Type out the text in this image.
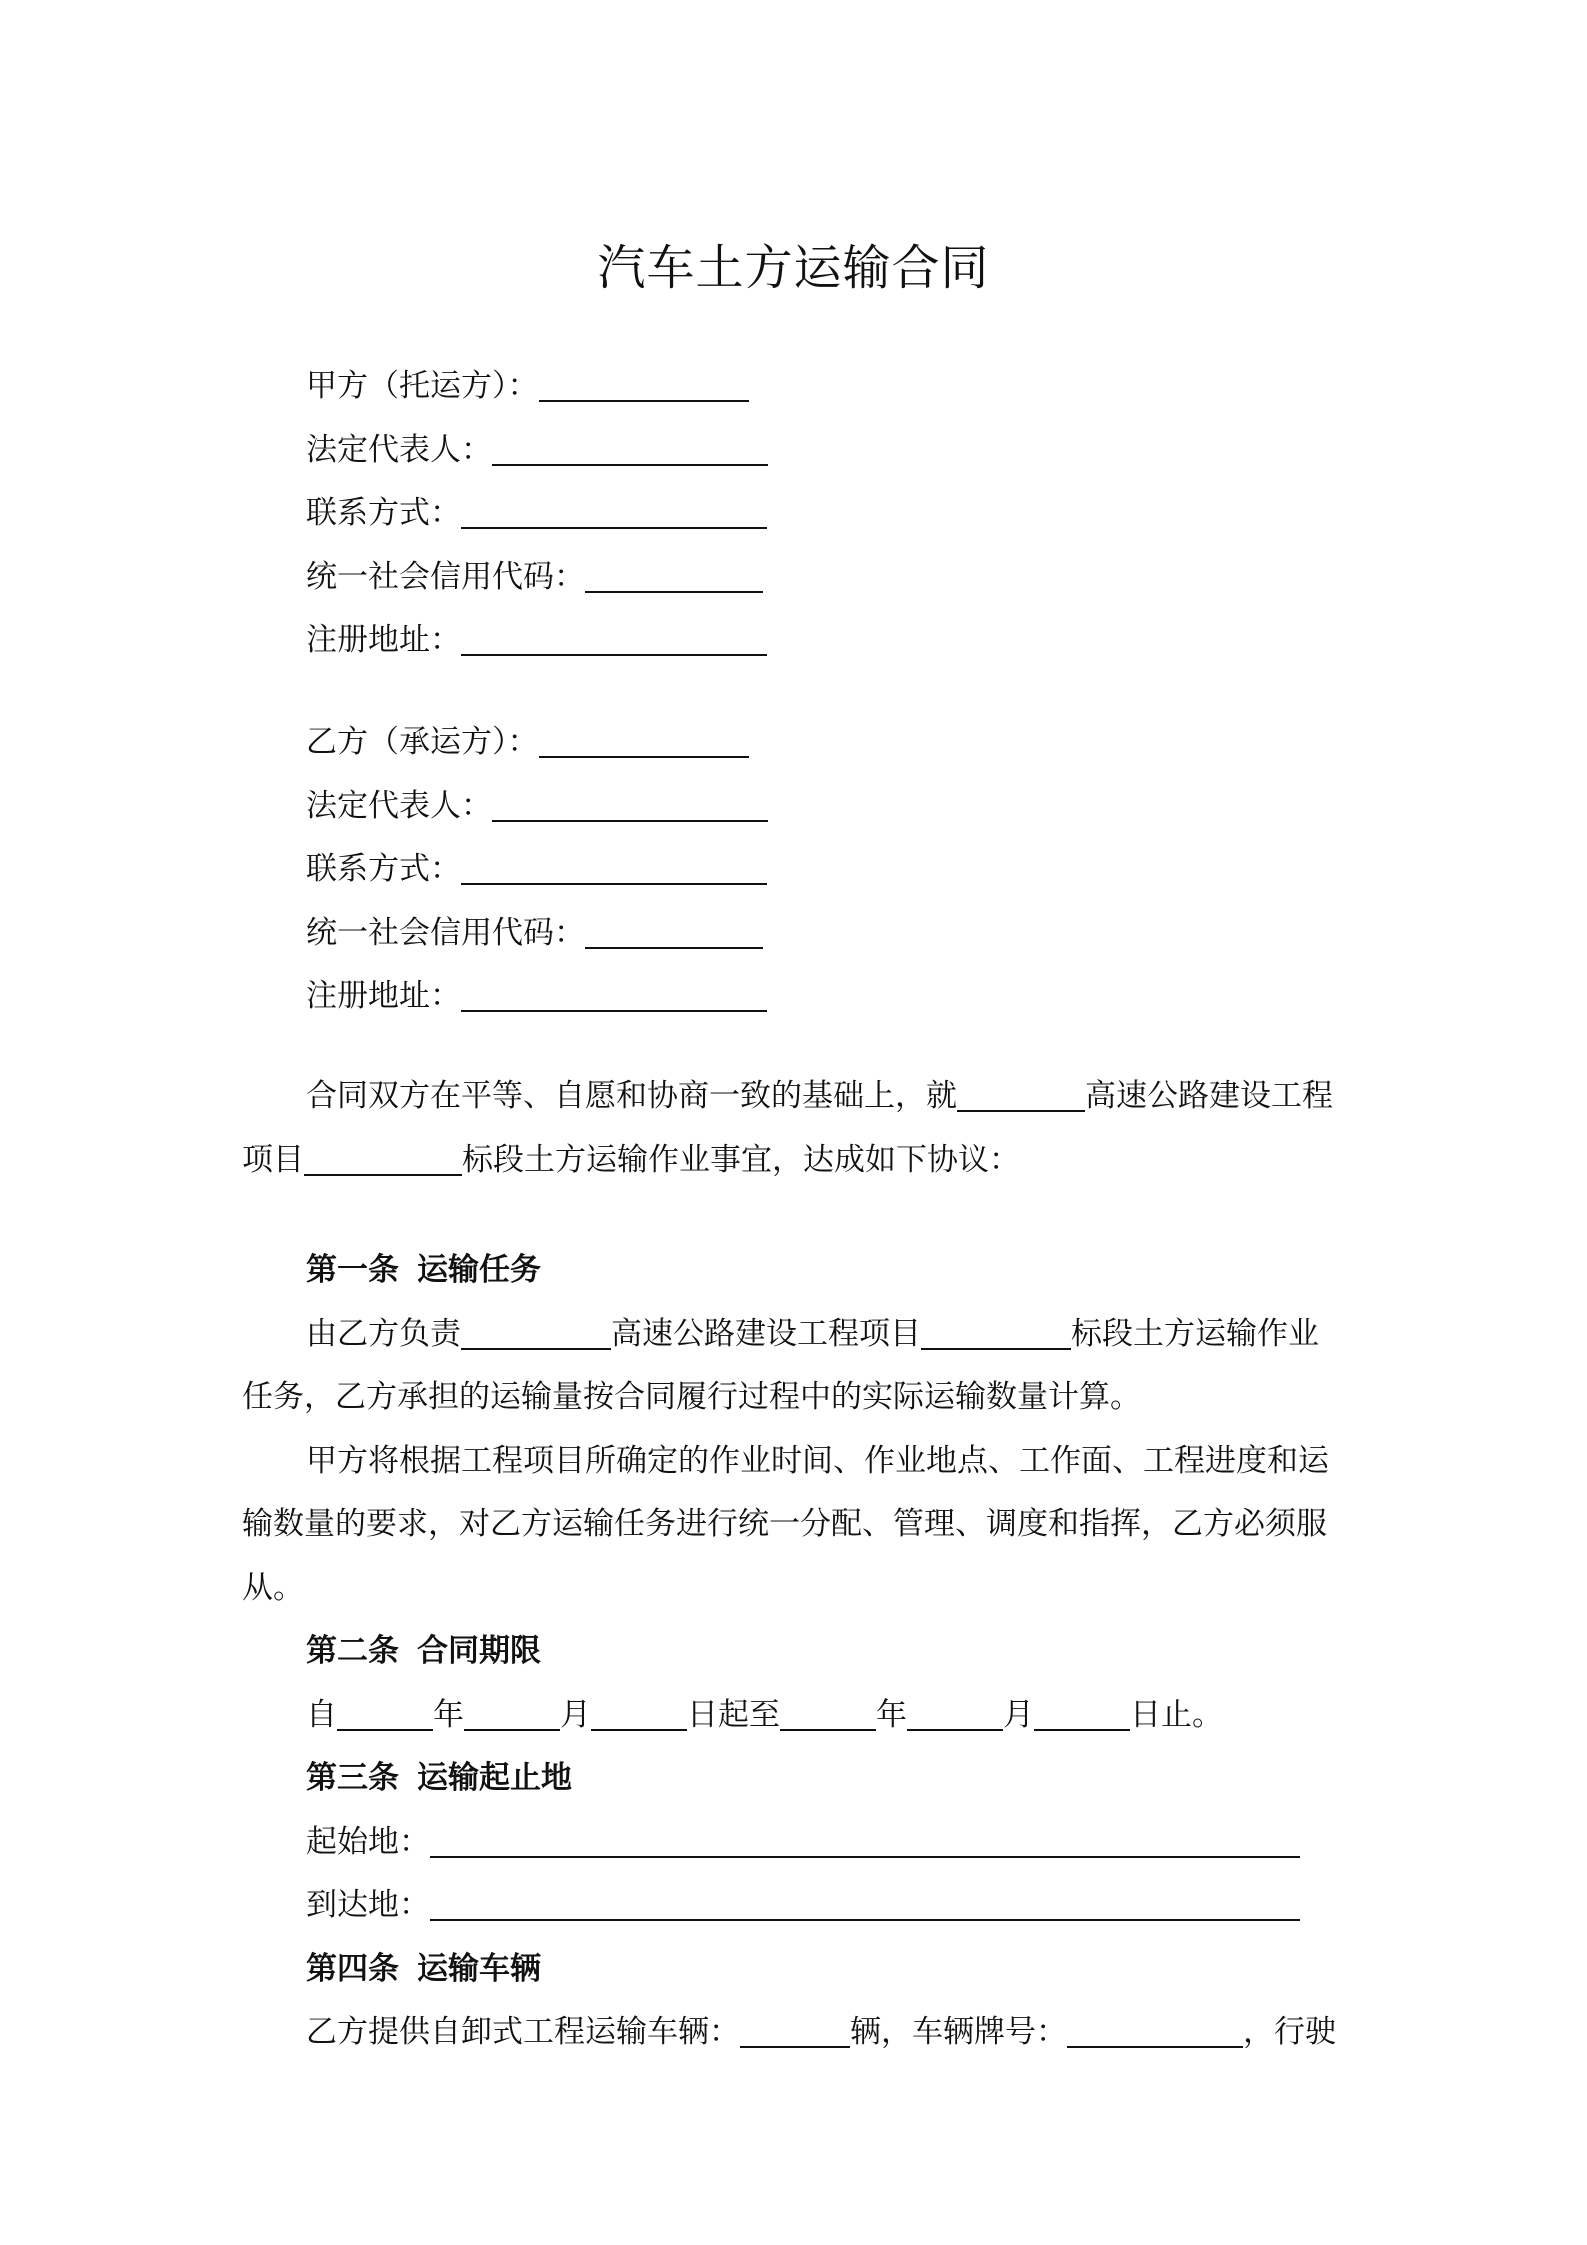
汽车土方运输合同
甲方（托运方）：
法定代表人：
联系方式：
统一社会信用代码：
注册地址：
乙方（承运方）：
法定代表人：
联系方式：
统一社会信用代码：
注册地址：
合同双方在平等、自愿和协商一致的基础上，就	高速公路建设工程
项目	标段土方运输作业事宜，达成如下协议：
第一条 运输任务
由乙方负责	高速公路建设工程项目	标段土方运输作业
任务，乙方承担的运输量按合同履行过程中的实际运输数量计算。
甲方将根据工程项目所确定的作业时间、作业地点、工作面、工程进度和运
输数量的要求，对乙方运输任务进行统一分配、管理、调度和指挥，乙方必须服
从。
第二条 合同期限
自	年	月	日起至	年	月	日止。
第三条 运输起止地
起始地：
到达地：
第四条 运输车辆
乙方提供自卸式工程运输车辆：	辆，车辆牌号：	，行驶
